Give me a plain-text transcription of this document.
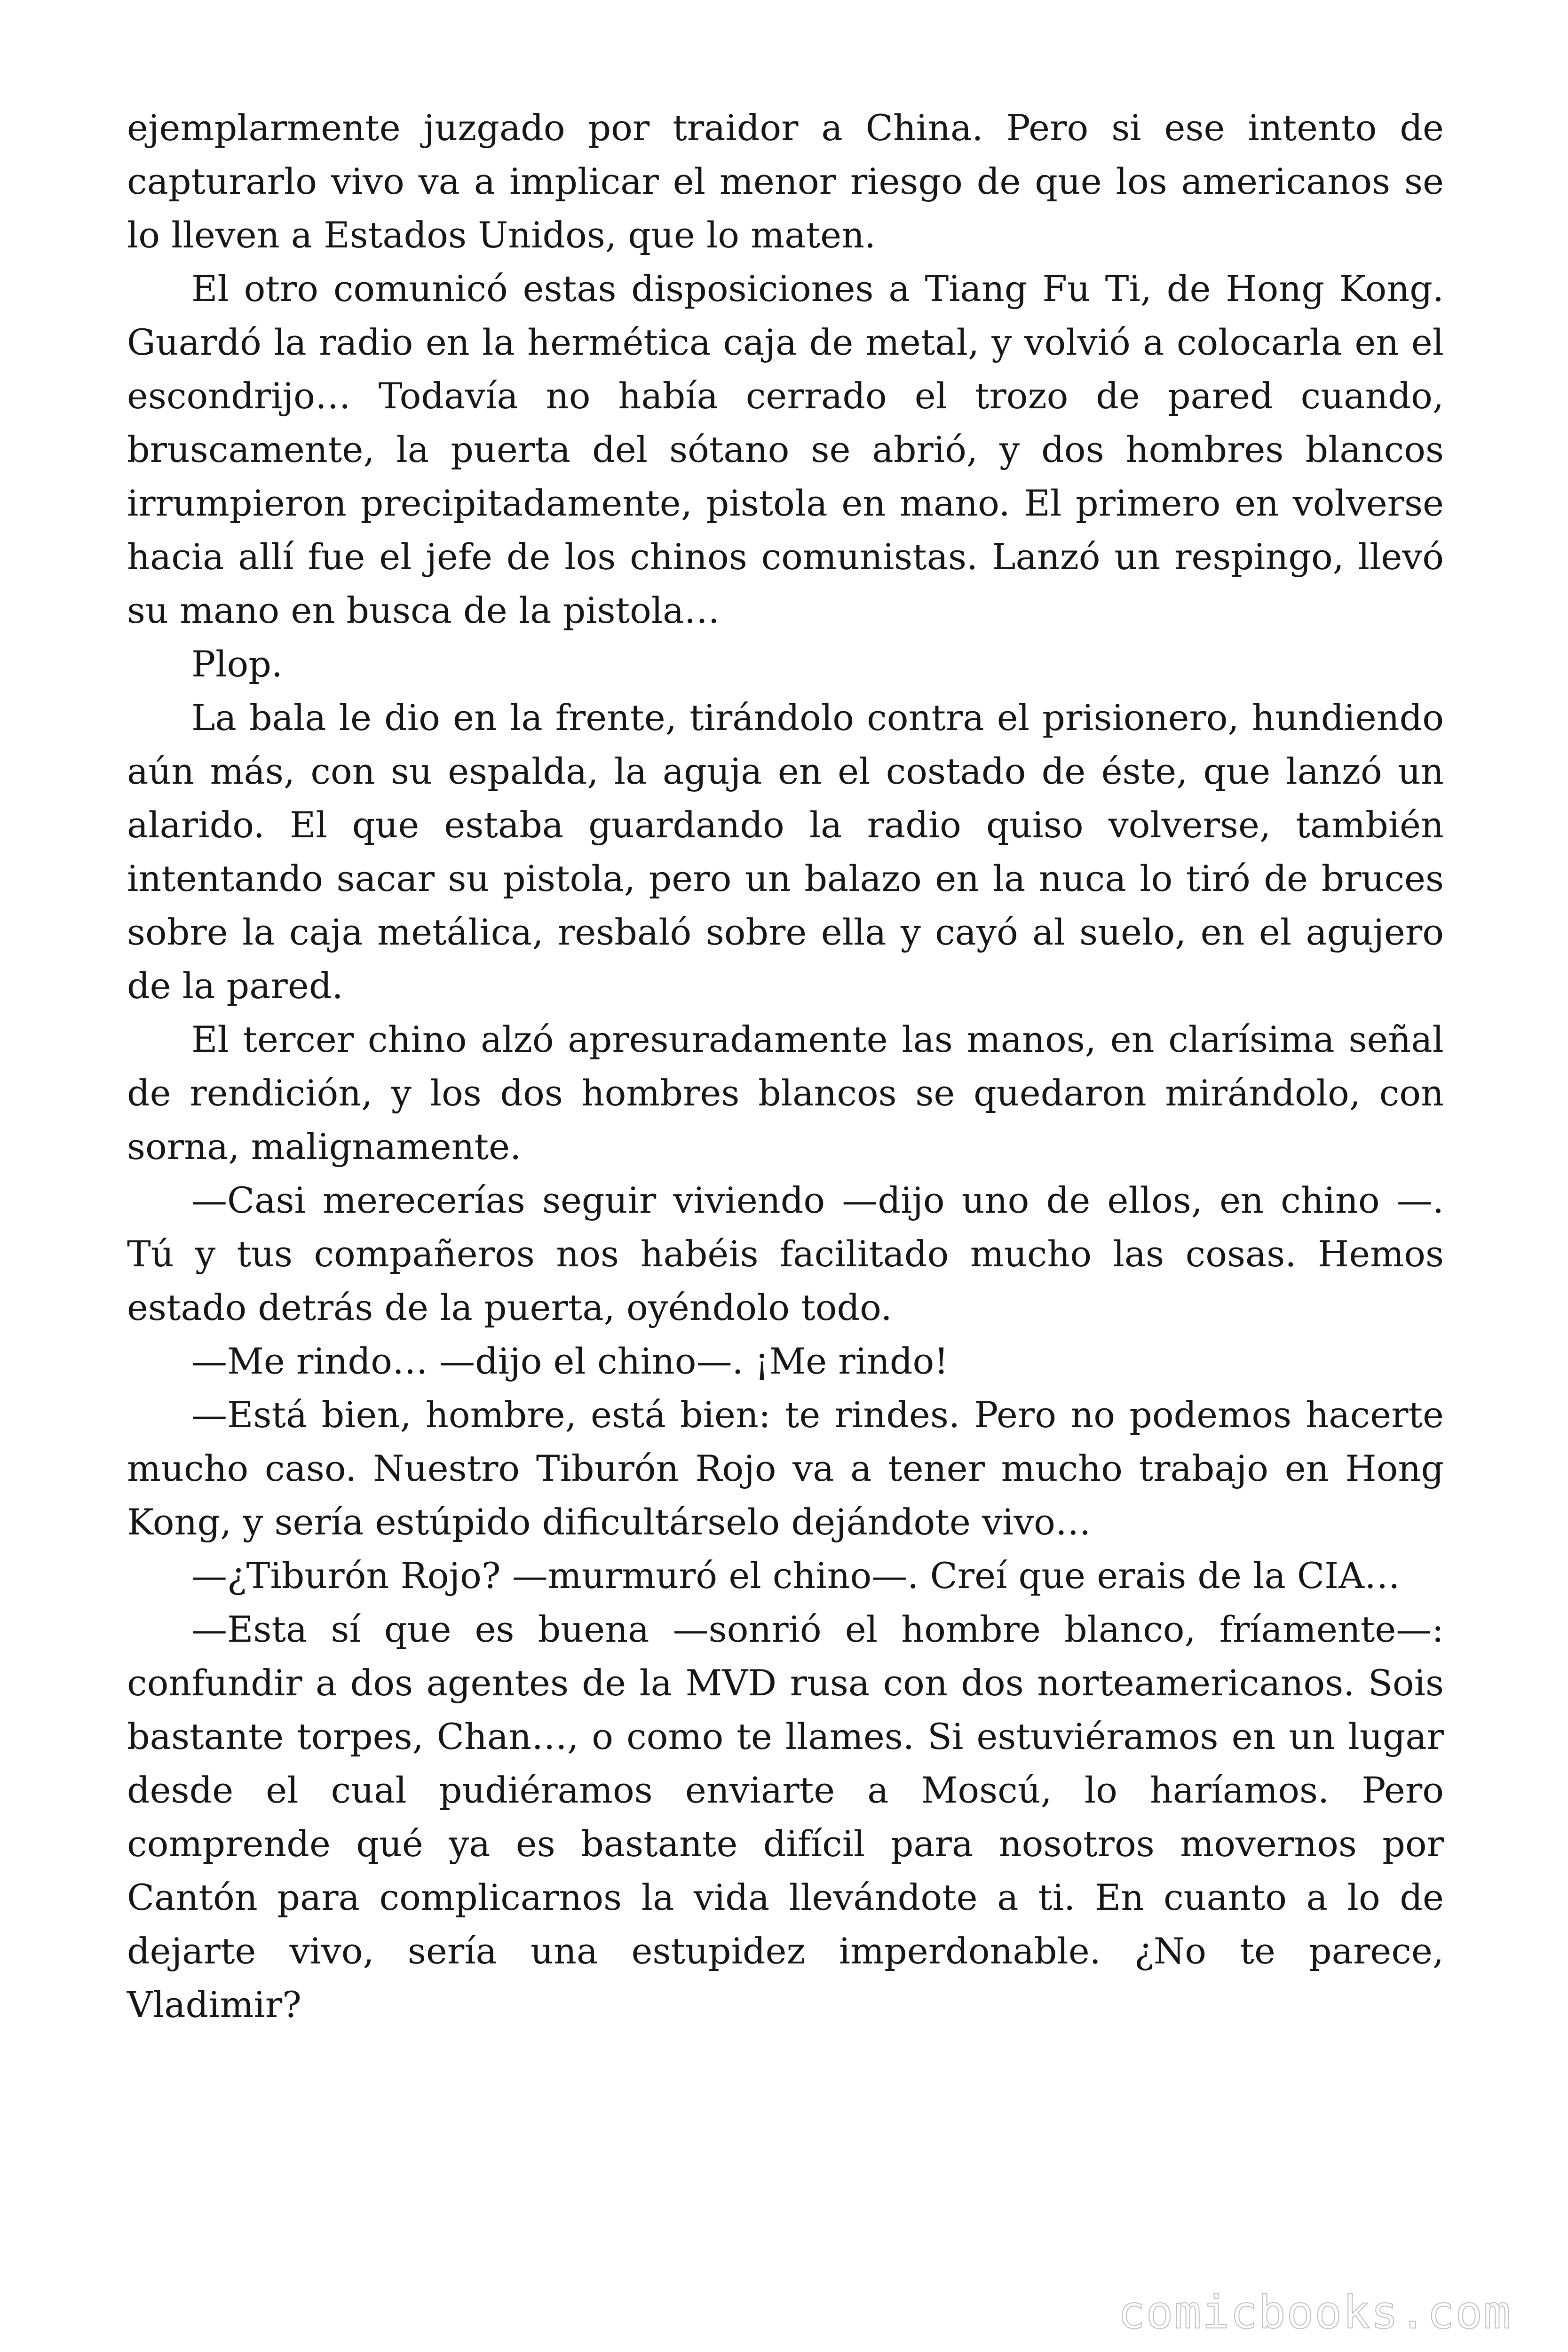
ejemplarmente juzgado por traidor a China. Pero si ese intento de capturarlo vivo va a implicar el menor riesgo de que los americanos se lo lleven a Estados Unidos, que lo maten.

El otro comunicó estas disposiciones a Tiang Fu Ti, de Hong Kong. Guardó la radio en la hermética caja de metal, y volvió a colocarla en el escondrijo… Todavía no había cerrado el trozo de pared cuando, bruscamente, la puerta del sótano se abrió, y dos hombres blancos irrumpieron precipitadamente, pistola en mano. El primero en volverse hacia allí fue el jefe de los chinos comunistas. Lanzó un respingo, llevó su mano en busca de la pistola…

Plop.

La bala le dio en la frente, tirándolo contra el prisionero, hundiendo aún más, con su espalda, la aguja en el costado de éste, que lanzó un alarido. El que estaba guardando la radio quiso volverse, también intentando sacar su pistola, pero un balazo en la nuca lo tiró de bruces sobre la caja metálica, resbaló sobre ella y cayó al suelo, en el agujero de la pared.

El tercer chino alzó apresuradamente las manos, en clarísima señal de rendición, y los dos hombres blancos se quedaron mirándolo, con sorna, malignamente.

—Casi merecerías seguir viviendo —dijo uno de ellos, en chino —. Tú y tus compañeros nos habéis facilitado mucho las cosas. Hemos estado detrás de la puerta, oyéndolo todo.

—Me rindo… —dijo el chino—. ¡Me rindo!

—Está bien, hombre, está bien: te rindes. Pero no podemos hacerte mucho caso. Nuestro Tiburón Rojo va a tener mucho trabajo en Hong Kong, y sería estúpido dificultárselo dejándote vivo…

—¿Tiburón Rojo? —murmuró el chino—. Creí que erais de la CIA…

—Esta sí que es buena —sonrió el hombre blanco, fríamente—: confundir a dos agentes de la MVD rusa con dos norteamericanos. Sois bastante torpes, Chan…, o como te llames. Si estuviéramos en un lugar desde el cual pudiéramos enviarte a Moscú, lo haríamos. Pero comprende qué ya es bastante difícil para nosotros movernos por Cantón para complicarnos la vida llevándote a ti. En cuanto a lo de dejarte vivo, sería una estupidez imperdonable. ¿No te parece, Vladimir?

comicbooks.com
